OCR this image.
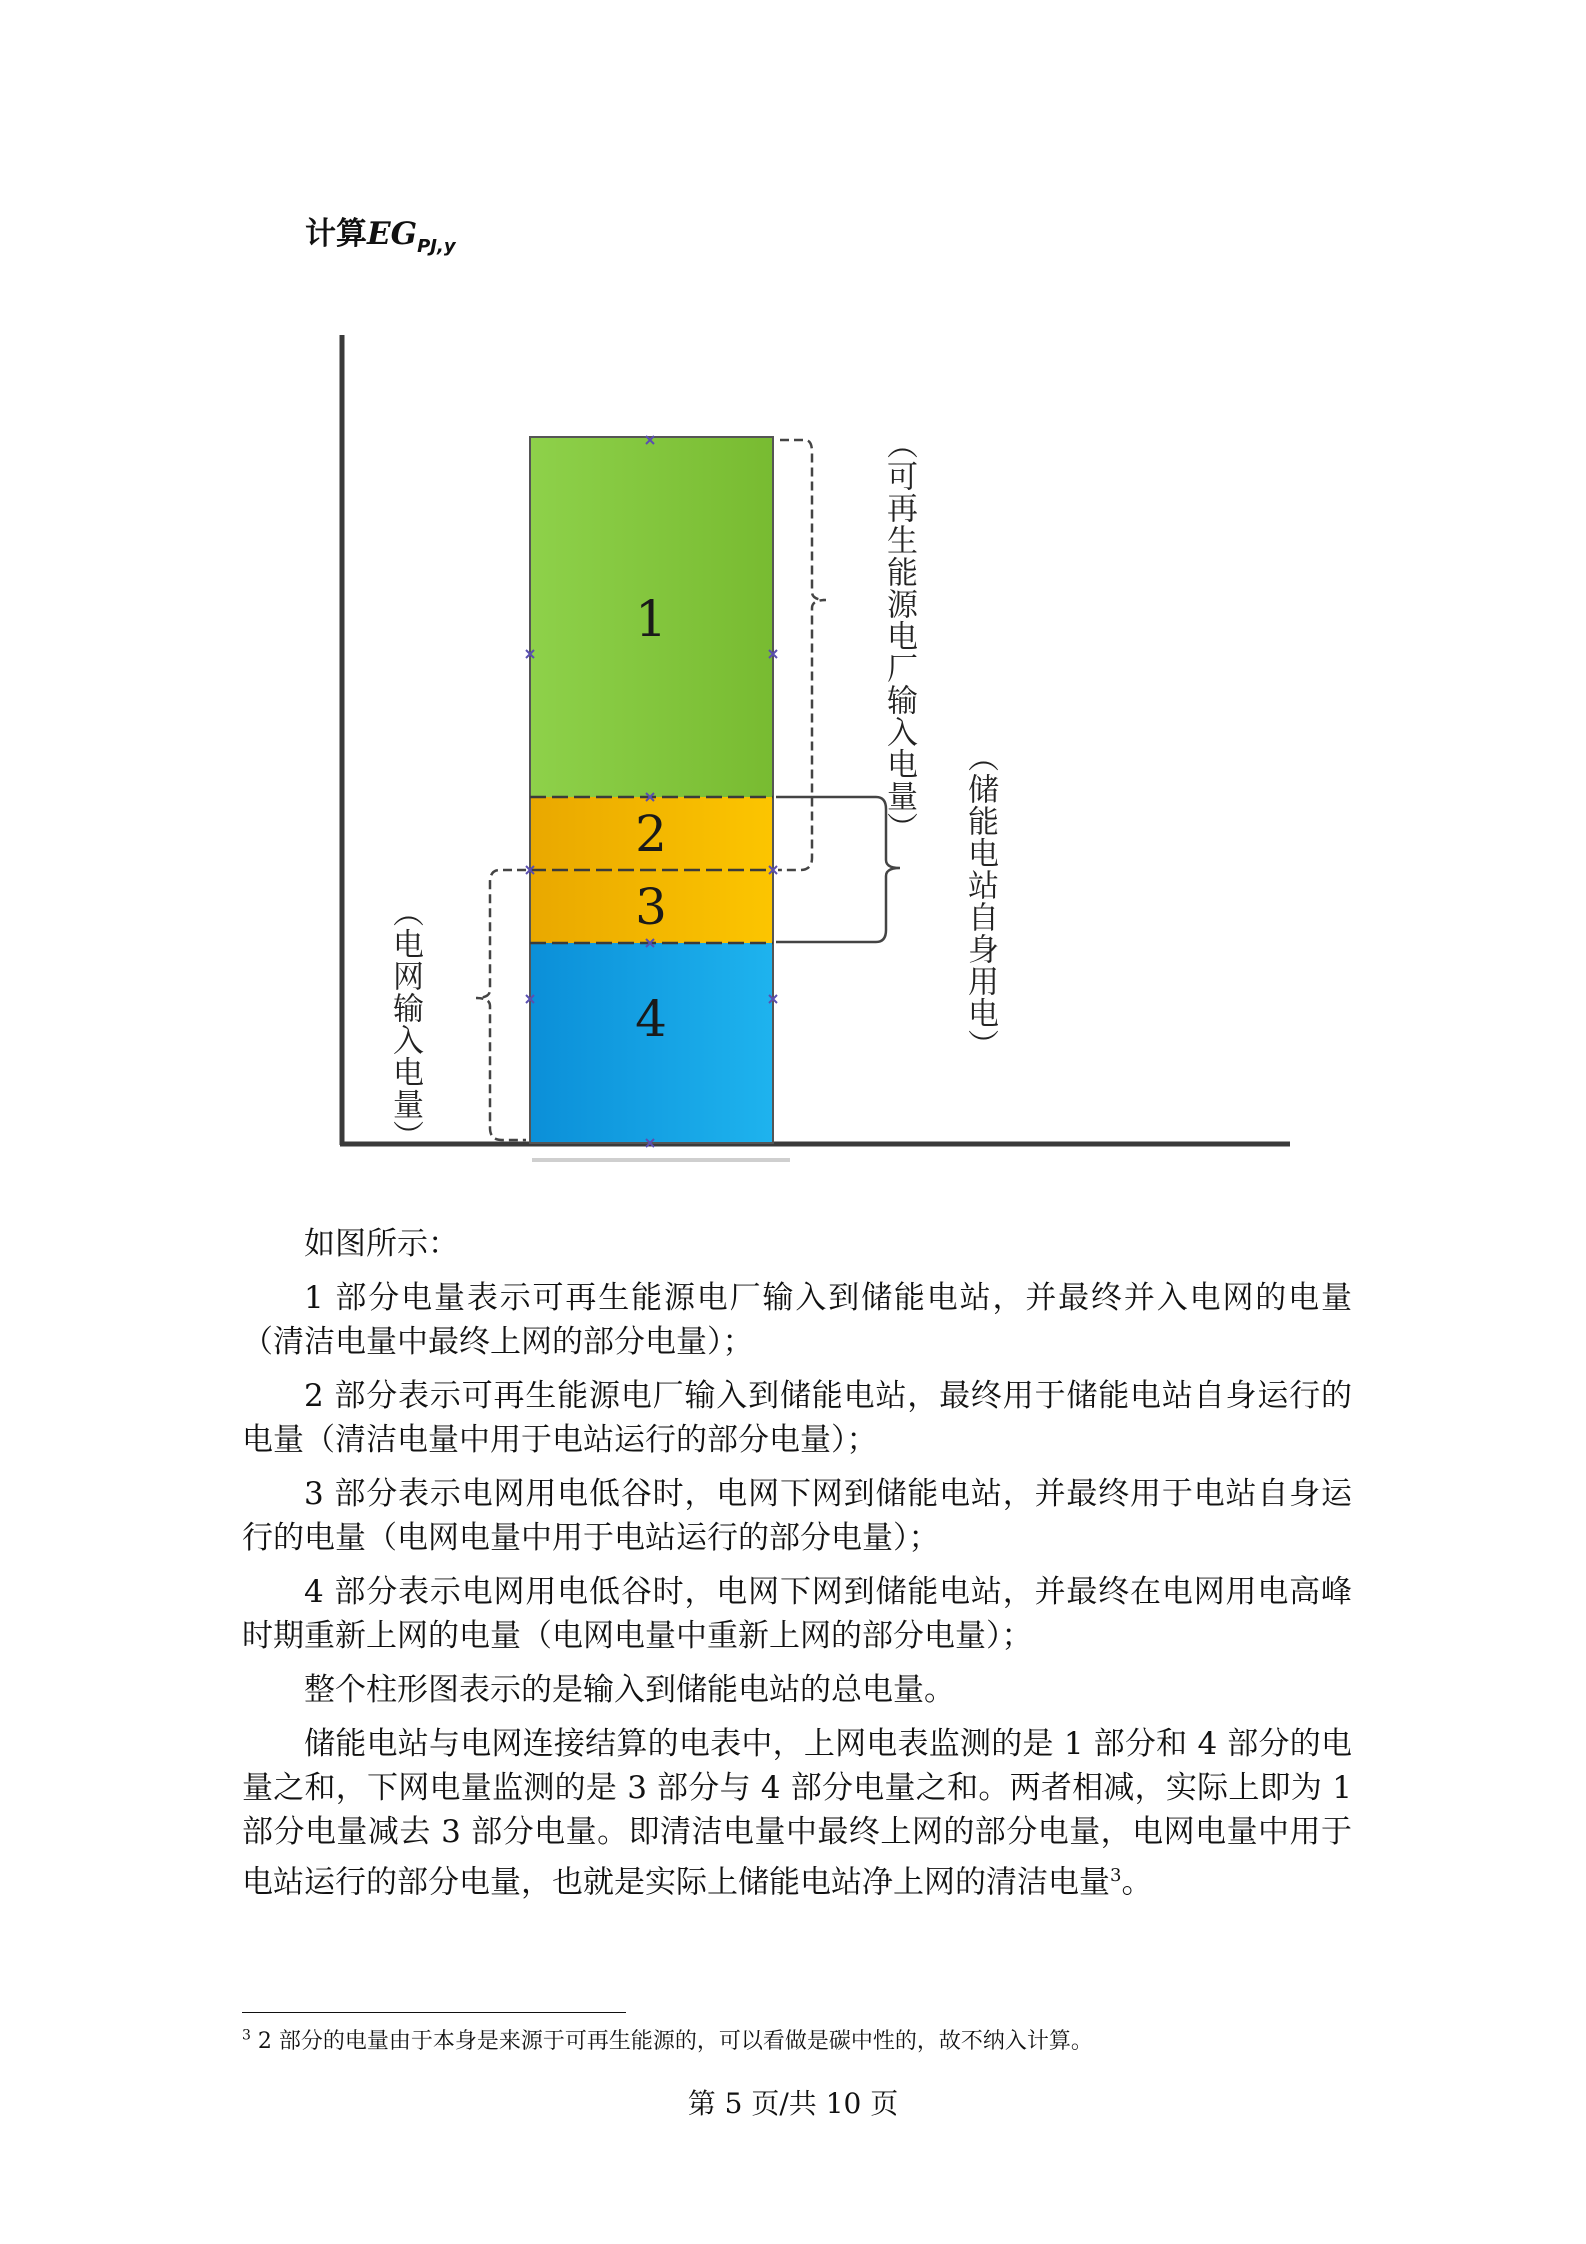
计算$EG_{PJ,y}$
1
2
3
4
（可再生能源电厂输入电量）
（储能电站自身用电）
（电网输入电量）

如图所示：

1 部分电量表示可再生能源电厂输入到储能电站，并最终并入电网的电量（清洁电量中最终上网的部分电量）；

2 部分表示可再生能源电厂输入到储能电站，最终用于储能电站自身运行的电量（清洁电量中用于电站运行的部分电量）；

3 部分表示电网用电低谷时，电网下网到储能电站，并最终用于电站自身运行的电量（电网电量中用于电站运行的部分电量）；

4 部分表示电网用电低谷时，电网下网到储能电站，并最终在电网用电高峰时期重新上网的电量（电网电量中重新上网的部分电量）；

整个柱形图表示的是输入到储能电站的总电量。

储能电站与电网连接结算的电表中，上网电表监测的是 1 部分和 4 部分的电量之和，下网电量监测的是 3 部分与 4 部分电量之和。两者相减，实际上即为 1 部分电量减去 3 部分电量。即清洁电量中最终上网的部分电量，电网电量中用于电站运行的部分电量，也就是实际上储能电站净上网的清洁电量$^3$。

$^3$ 2 部分的电量由于本身是来源于可再生能源的，可以看做是碳中性的，故不纳入计算。
第 5 页/共 10 页
